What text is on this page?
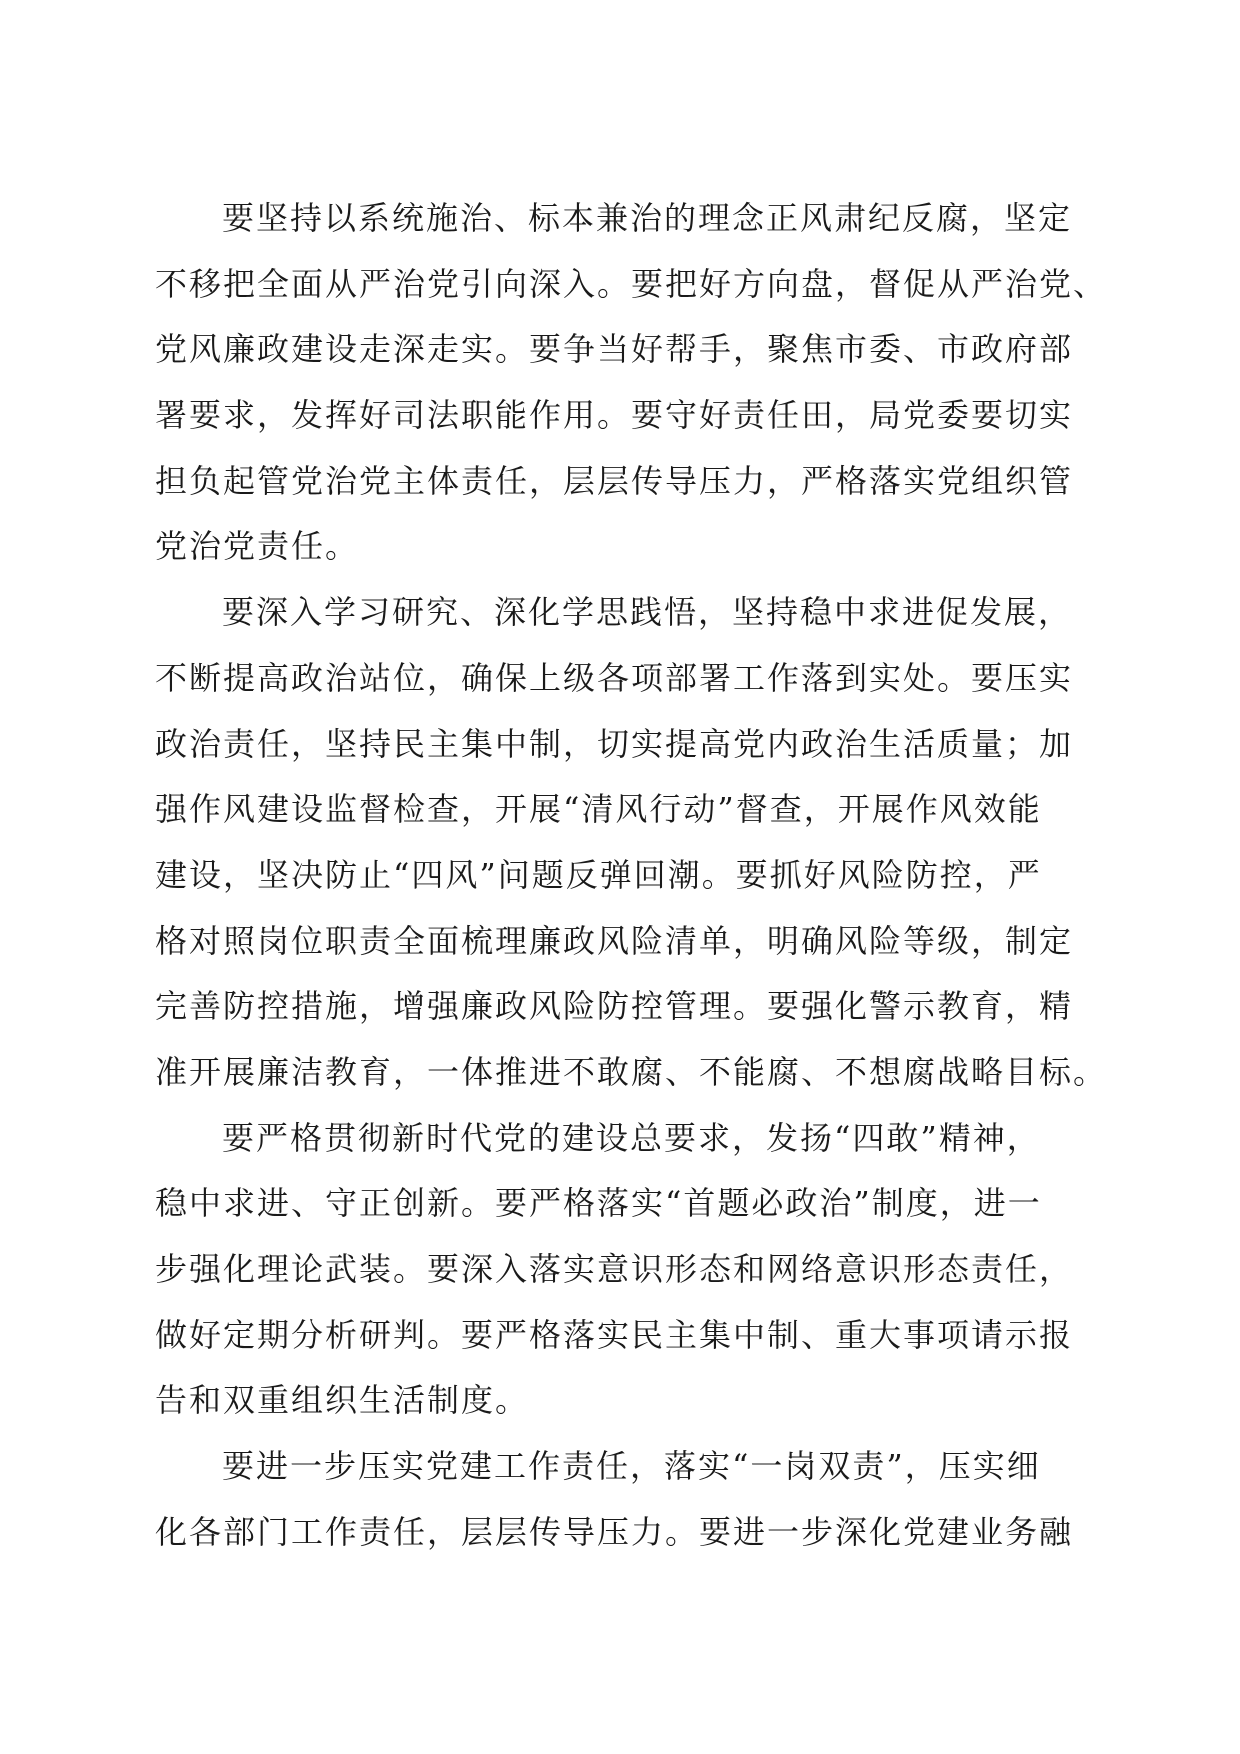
要坚持以系统施治、标本兼治的理念正风肃纪反腐，坚定
不移把全面从严治党引向深入。要把好方向盘，督促从严治党、
党风廉政建设走深走实。要争当好帮手，聚焦市委、市政府部
署要求，发挥好司法职能作用。要守好责任田，局党委要切实
担负起管党治党主体责任，层层传导压力，严格落实党组织管
党治党责任。
要深入学习研究、深化学思践悟，坚持稳中求进促发展，
不断提高政治站位，确保上级各项部署工作落到实处。要压实
政治责任，坚持民主集中制，切实提高党内政治生活质量；加
强作风建设监督检查，开展“清风行动”督查，开展作风效能
建设，坚决防止“四风”问题反弹回潮。要抓好风险防控，严
格对照岗位职责全面梳理廉政风险清单，明确风险等级，制定
完善防控措施，增强廉政风险防控管理。要强化警示教育，精
准开展廉洁教育，一体推进不敢腐、不能腐、不想腐战略目标。
要严格贯彻新时代党的建设总要求，发扬“四敢”精神，
稳中求进、守正创新。要严格落实“首题必政治”制度，进一
步强化理论武装。要深入落实意识形态和网络意识形态责任，
做好定期分析研判。要严格落实民主集中制、重大事项请示报
告和双重组织生活制度。
要进一步压实党建工作责任，落实“一岗双责”，压实细
化各部门工作责任，层层传导压力。要进一步深化党建业务融
